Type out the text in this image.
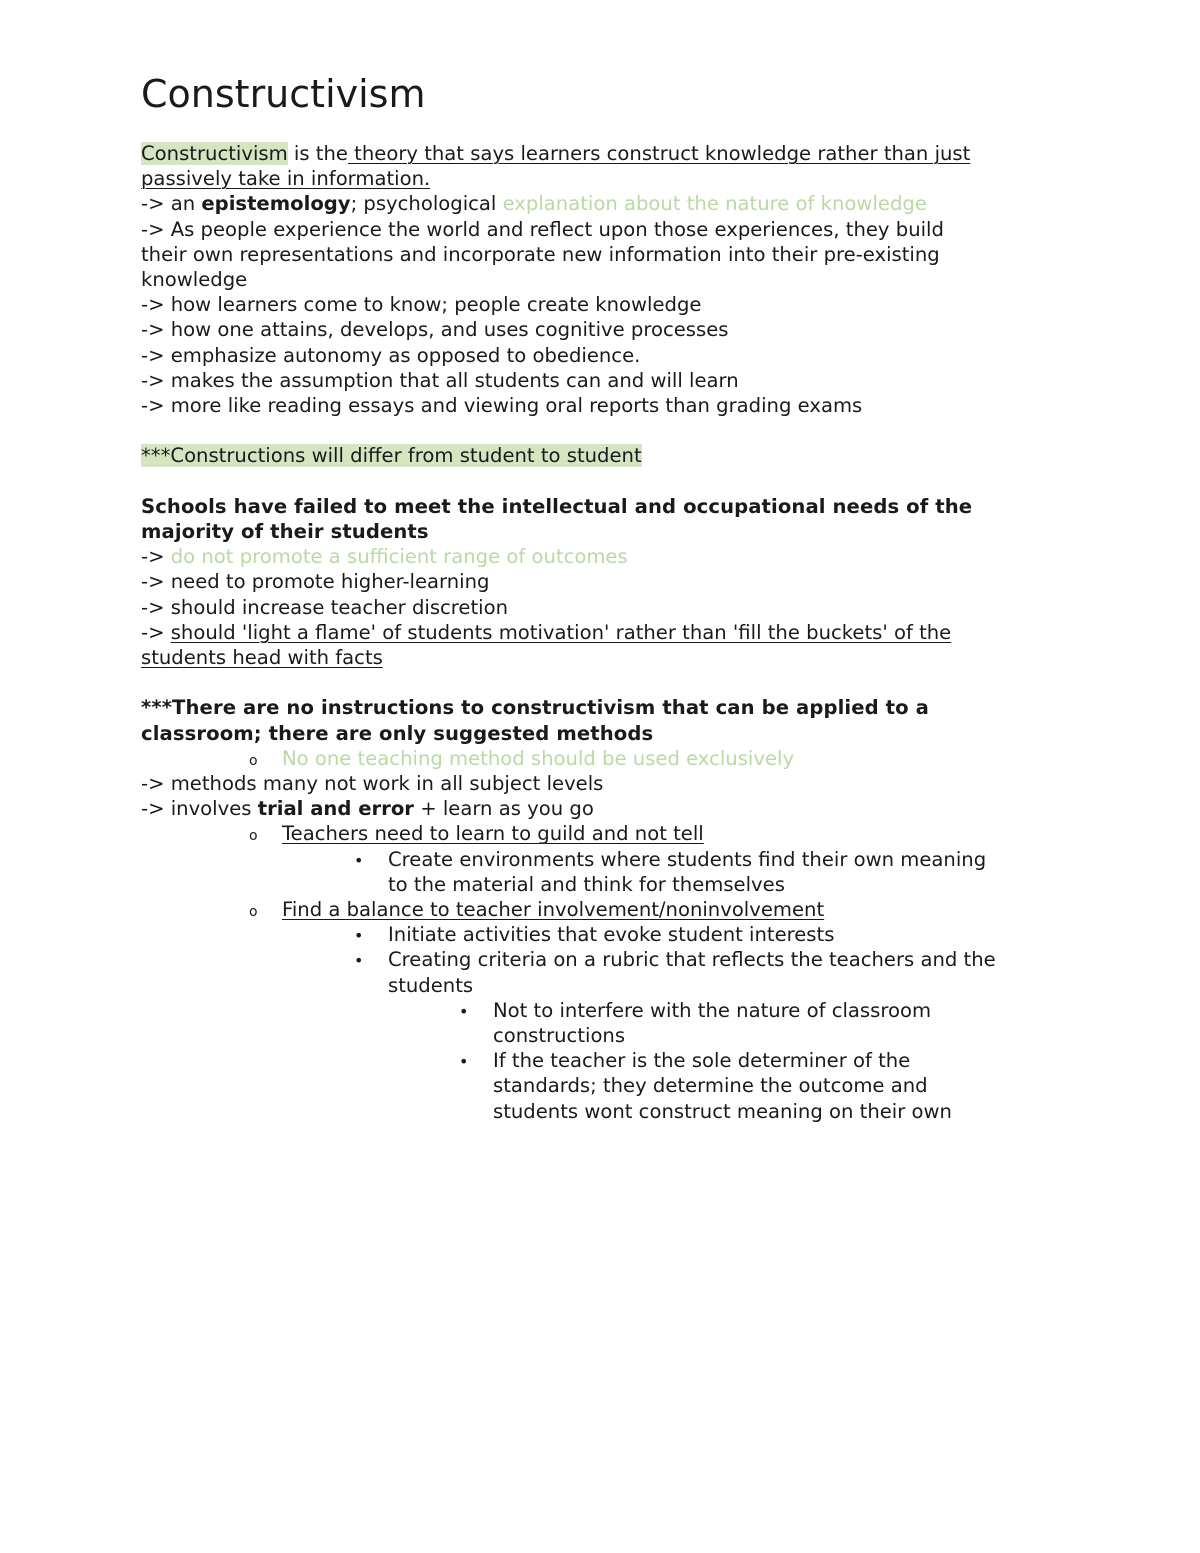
Constructivism
Constructivism is the theory that says learners construct knowledge rather than just
passively take in information.
-> an epistemology; psychological explanation about the nature of knowledge
-> As people experience the world and reflect upon those experiences, they build
their own representations and incorporate new information into their pre-existing
knowledge
-> how learners come to know; people create knowledge
-> how one attains, develops, and uses cognitive processes
-> emphasize autonomy as opposed to obedience.
-> makes the assumption that all students can and will learn
-> more like reading essays and viewing oral reports than grading exams
***Constructions will differ from student to student
Schools have failed to meet the intellectual and occupational needs of the
majority of their students
-> do not promote a sufficient range of outcomes
-> need to promote higher-learning
-> should increase teacher discretion
-> should 'light a flame' of students motivation' rather than 'fill the buckets' of the
students head with facts
***There are no instructions to constructivism that can be applied to a
classroom; there are only suggested methods
o No one teaching method should be used exclusively
-> methods many not work in all subject levels
-> involves trial and error + learn as you go
o Teachers need to learn to guild and not tell
• Create environments where students find their own meaning
to the material and think for themselves
o Find a balance to teacher involvement/noninvolvement
• Initiate activities that evoke student interests
• Creating criteria on a rubric that reflects the teachers and the
students
• Not to interfere with the nature of classroom
constructions
• If the teacher is the sole determiner of the
standards; they determine the outcome and
students wont construct meaning on their own
